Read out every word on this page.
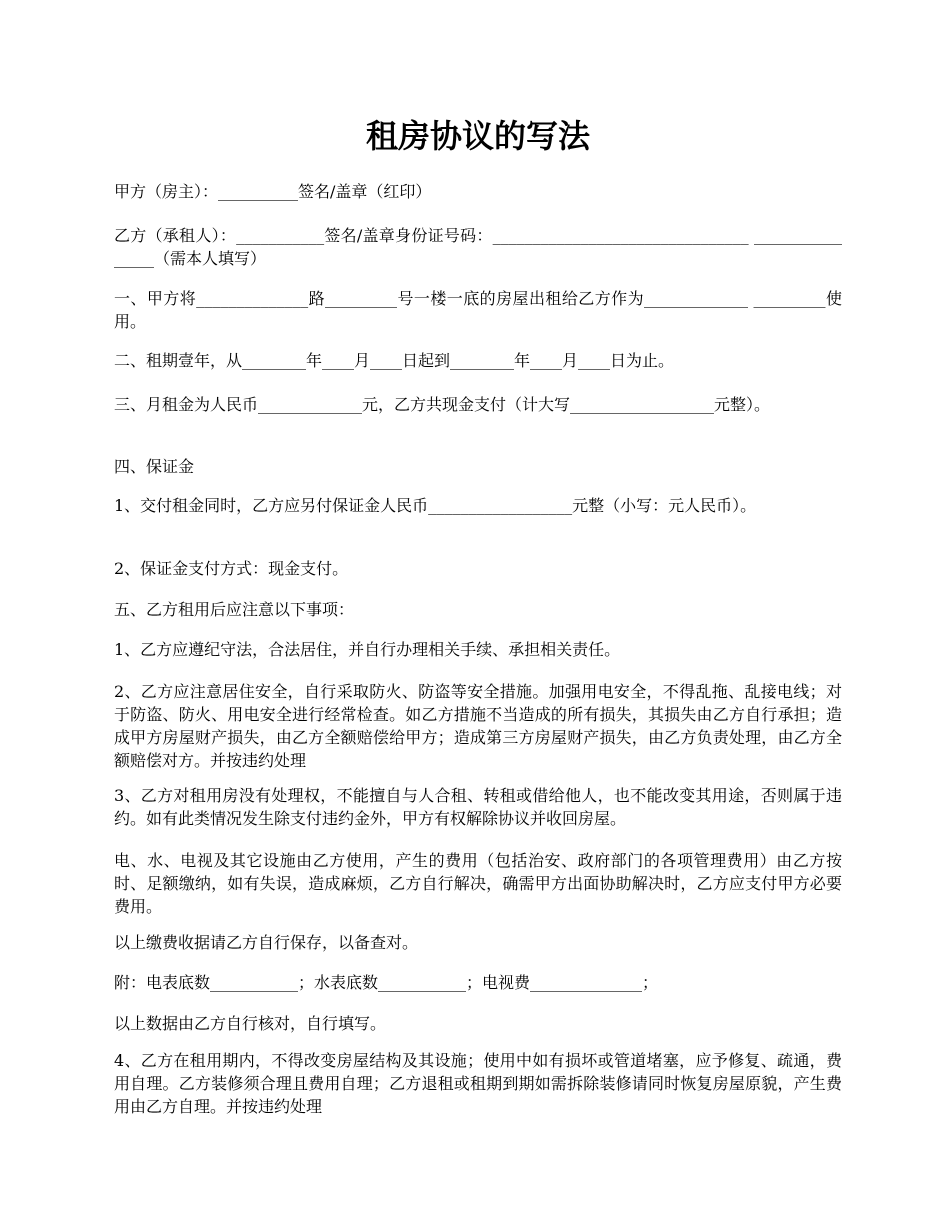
租房协议的写法

甲方（房主）：__________签名/盖章（红印）

乙方（承租人）：___________签名/盖章身份证号码：________________________________ ________________（需本人填写）

一、甲方将______________路_________号一楼一底的房屋出租给乙方作为_____________ _________使用。

二、租期壹年，从________年____月____日起到________年____月____日为止。

三、月租金为人民币_____________元，乙方共现金支付（计大写__________________元整）。

四、保证金

1、交付租金同时，乙方应另付保证金人民币__________________元整（小写：元人民币）。

2、保证金支付方式：现金支付。

五、乙方租用后应注意以下事项：

1、乙方应遵纪守法，合法居住，并自行办理相关手续、承担相关责任。

2、乙方应注意居住安全，自行采取防火、防盗等安全措施。加强用电安全，不得乱拖、乱接电线；对于防盗、防火、用电安全进行经常检查。如乙方措施不当造成的所有损失，其损失由乙方自行承担；造成甲方房屋财产损失，由乙方全额赔偿给甲方；造成第三方房屋财产损失，由乙方负责处理，由乙方全额赔偿对方。并按违约处理

3、乙方对租用房没有处理权，不能擅自与人合租、转租或借给他人，也不能改变其用途，否则属于违约。如有此类情况发生除支付违约金外，甲方有权解除协议并收回房屋。

电、水、电视及其它设施由乙方使用，产生的费用（包括治安、政府部门的各项管理费用）由乙方按时、足额缴纳，如有失误，造成麻烦，乙方自行解决，确需甲方出面协助解决时，乙方应支付甲方必要费用。

以上缴费收据请乙方自行保存，以备查对。

附：电表底数___________；水表底数___________；电视费______________；

以上数据由乙方自行核对，自行填写。

4、乙方在租用期内，不得改变房屋结构及其设施；使用中如有损坏或管道堵塞，应予修复、疏通，费用自理。乙方装修须合理且费用自理；乙方退租或租期到期如需拆除装修请同时恢复房屋原貌，产生费用由乙方自理。并按违约处理
